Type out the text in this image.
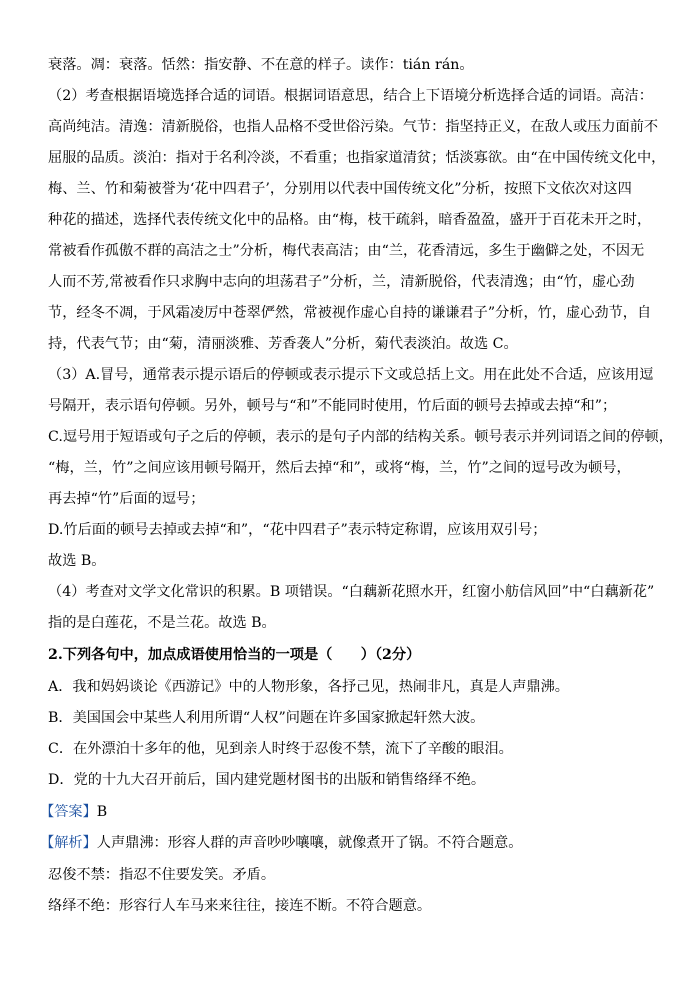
衰落。凋：衰落。恬然：指安静、不在意的样子。读作：tián rán。
（2）考查根据语境选择合适的词语。根据词语意思，结合上下语境分析选择合适的词语。高洁：
高尚纯洁。清逸：清新脱俗，也指人品格不受世俗污染。气节：指坚持正义，在敌人或压力面前不
屈服的品质。淡泊：指对于名利冷淡，不看重；也指家道清贫；恬淡寡欲。由“在中国传统文化中，
梅、兰、竹和菊被誉为‘花中四君子’，分别用以代表中国传统文化”分析，按照下文依次对这四
种花的描述，选择代表传统文化中的品格。由“梅，枝干疏斜，暗香盈盈，盛开于百花未开之时，
常被看作孤傲不群的高洁之士”分析，梅代表高洁；由“兰，花香清远，多生于幽僻之处，不因无
人而不芳,常被看作只求胸中志向的坦荡君子”分析，兰，清新脱俗，代表清逸；由“竹，虚心劲
节，经冬不凋，于风霜凌厉中苍翠俨然，常被视作虚心自持的谦谦君子”分析，竹，虚心劲节，自
持，代表气节；由“菊，清丽淡雅、芳香袭人”分析，菊代表淡泊。故选 C。
（3）A.冒号，通常表示提示语后的停顿或表示提示下文或总括上文。用在此处不合适，应该用逗
号隔开，表示语句停顿。另外，顿号与“和”不能同时使用，竹后面的顿号去掉或去掉“和”；
C.逗号用于短语或句子之后的停顿，表示的是句子内部的结构关系。顿号表示并列词语之间的停顿，
“梅，兰，竹”之间应该用顿号隔开，然后去掉“和”，或将“梅，兰，竹”之间的逗号改为顿号，
再去掉“竹”后面的逗号；
D.竹后面的顿号去掉或去掉“和”，“花中四君子”表示特定称谓，应该用双引号；
故选 B。
（4）考查对文学文化常识的积累。B 项错误。“白藕新花照水开，红窗小舫信风回”中“白藕新花”
指的是白莲花，不是兰花。故选 B。
2.下列各句中，加点成语使用恰当的一项是（　　）（2分）
A．我和妈妈谈论《西游记》中的人物形象，各抒己见，热闹非凡，真是人声鼎沸。
B．美国国会中某些人利用所谓“人权”问题在许多国家掀起轩然大波。
C．在外漂泊十多年的他，见到亲人时终于忍俊不禁，流下了辛酸的眼泪。
D．党的十九大召开前后，国内建党题材图书的出版和销售络绎不绝。
【答案】B
【解析】人声鼎沸：形容人群的声音吵吵嚷嚷，就像煮开了锅。不符合题意。
忍俊不禁：指忍不住要发笑。矛盾。
络绎不绝：形容行人车马来来往往，接连不断。不符合题意。
